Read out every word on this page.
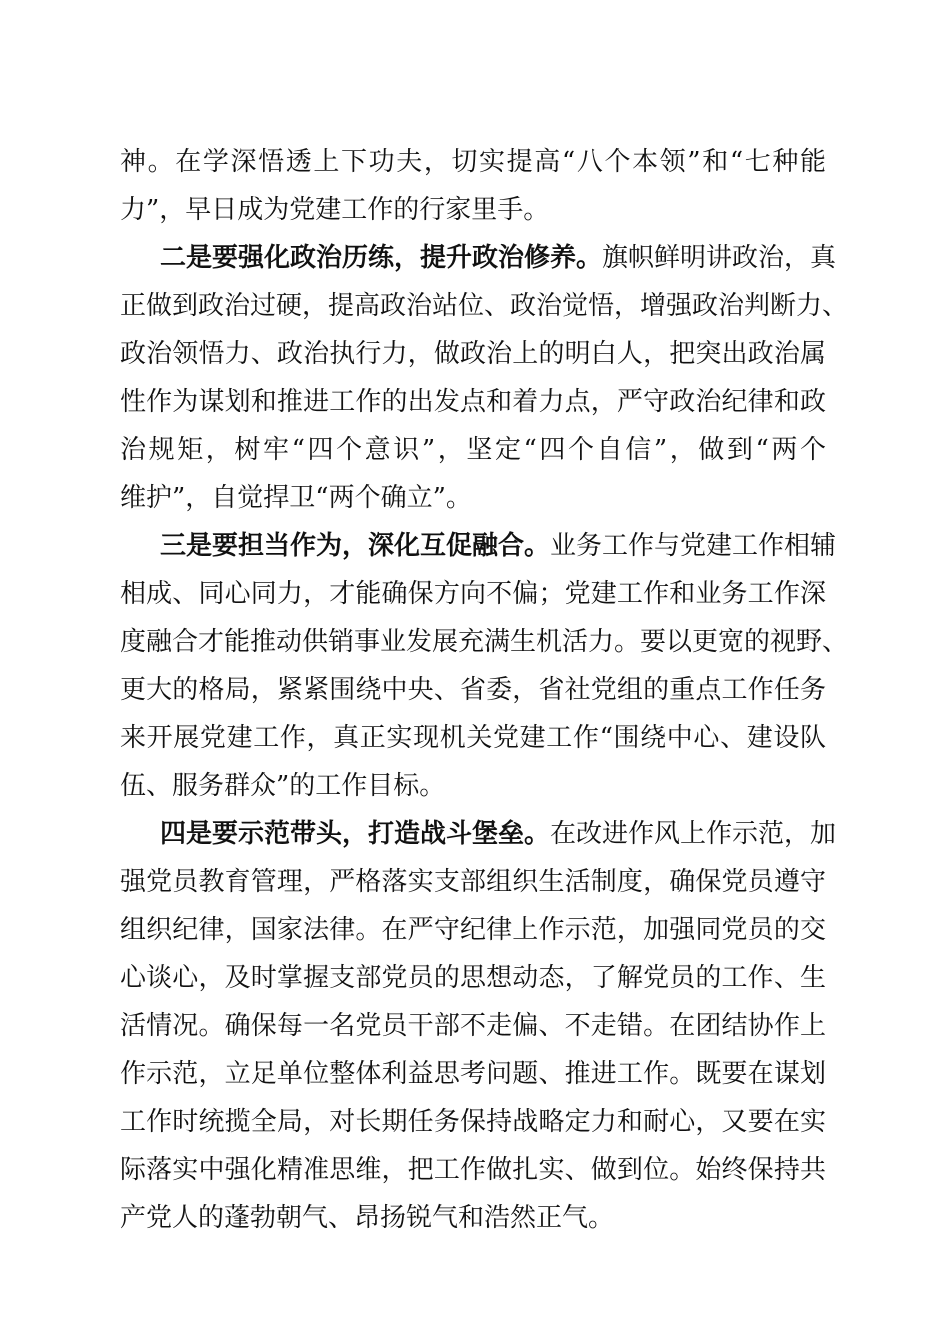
神。在学深悟透上下功夫，切实提高“八个本领”和“七种能
力”，早日成为党建工作的行家里手。
二是要强化政治历练，提升政治修养。旗帜鲜明讲政治，真
正做到政治过硬，提高政治站位、政治觉悟，增强政治判断力、
政治领悟力、政治执行力，做政治上的明白人，把突出政治属
性作为谋划和推进工作的出发点和着力点，严守政治纪律和政
治规矩，树牢“四个意识”，坚定“四个自信”，做到“两个
维护”，自觉捍卫“两个确立”。
三是要担当作为，深化互促融合。业务工作与党建工作相辅
相成、同心同力，才能确保方向不偏；党建工作和业务工作深
度融合才能推动供销事业发展充满生机活力。要以更宽的视野、
更大的格局，紧紧围绕中央、省委，省社党组的重点工作任务
来开展党建工作，真正实现机关党建工作“围绕中心、建设队
伍、服务群众”的工作目标。
四是要示范带头，打造战斗堡垒。在改进作风上作示范，加
强党员教育管理，严格落实支部组织生活制度，确保党员遵守
组织纪律，国家法律。在严守纪律上作示范，加强同党员的交
心谈心，及时掌握支部党员的思想动态，了解党员的工作、生
活情况。确保每一名党员干部不走偏、不走错。在团结协作上
作示范，立足单位整体利益思考问题、推进工作。既要在谋划
工作时统揽全局，对长期任务保持战略定力和耐心，又要在实
际落实中强化精准思维，把工作做扎实、做到位。始终保持共
产党人的蓬勃朝气、昂扬锐气和浩然正气。
